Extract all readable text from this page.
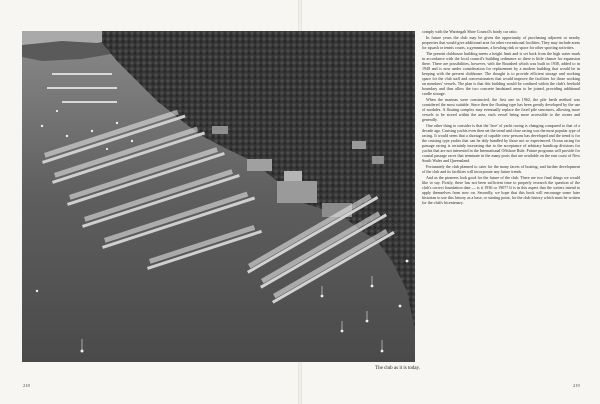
The club as it is today.

comply with the Warringah Shire Council's hardy car ratio.

In future years the club may be given the opportunity of purchasing adjacent or nearby properties that would give additional area for other recreational facilities. They may include areas for squash or tennis courts, a gymnasium, a bowling rink or space for other sporting activities.

The present clubhouse building meets a height limit and is set back from the high water mark in accordance with the local council's building ordinance so there is little chance for expansion there. There are possibilities, however, with the Boatshed which was built in 1938, added to in 1948 and is now under consideration for replacement by a modern building that would be in keeping with the present clubhouse. The thought is to provide efficient storage and working space for the club staff and concessionaires that would improve the facilities for those working on members' vessels. The plan is that this building would be confined within the club's freehold boundary and thus allow the two concrete hardstand areas to be joined, providing additional cradle storage.

When the marinas were constructed, the first one in 1962, the pile berth method was considered the most suitable. Since then the floating type has been greatly developed by the use of modules. A floating complex may eventually replace the fixed pile structures, allowing more vessels to be stored within the area, each vessel being more accessible to the owner and generally.

One other thing to consider is that the 'face' of yacht racing is changing compared to that of a decade ago. Cruising yachts even then set the trend and close racing was the most popular type of racing. It would seem that a shortage of capable crew persons has developed and the trend is for the cruising type yachts that can be ably handled by those not so experienced. Ocean racing for passage racing is certainly increasing due to the acceptance of arbitrary handicap divisions for yachts that are not interested in the International Offshore Rule. Future programs will provide for coastal passage races that terminate in the many ports that are available on the east coast of New South Wales and Queensland.

Fortunately the club planned to cater for the many facets of boating, and further development of the club and its facilities will incorporate any future trends.

And as the pioneers look good for the future of the club. There are two final things we would like to say. Firstly, there has not been sufficient time to properly research the question of the club's correct foundation date — is it 1936 or 1907? It is in this aspect that the writers intend to apply themselves from now on. Secondly, we hope that this book will encourage some later historian to use this history as a base, or starting point, for the club history which must be written for the club's bicentenary.

218	219
